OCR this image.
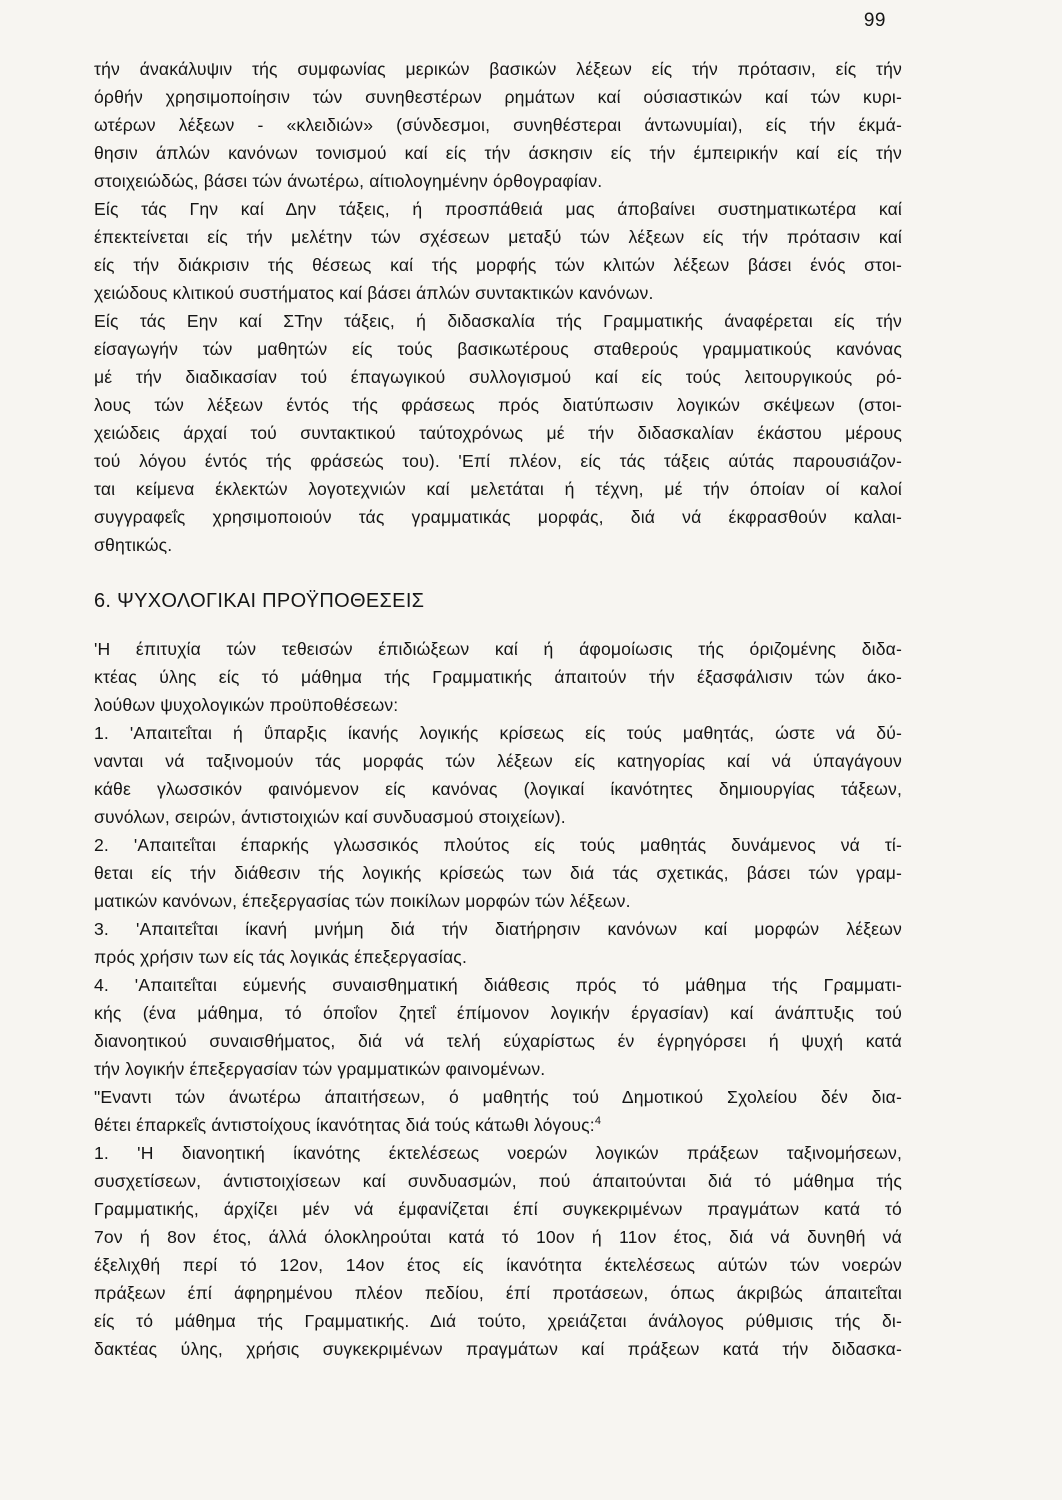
99
τήν άνακάλυψιν τής συμφωνίας μερικών βασικών λέξεων είς τήν πρότασιν, είς τήν
όρθήν χρησιμοποίησιν τών συνηθεστέρων ρημάτων καί ούσιαστικών καί τών κυρι-
ωτέρων λέξεων - «κλειδιών» (σύνδεσμοι, συνηθέστεραι άντωνυμίαι), είς τήν έκμά-
θησιν άπλών κανόνων τονισμού καί είς τήν άσκησιν είς τήν έμπειρικήν καί είς τήν
στοιχειώδώς, βάσει τών άνωτέρω, αίτιολογημένην όρθογραφίαν.
Είς τάς Γην καί Δην τάξεις, ή προσπάθειά μας άποβαίνει συστηματικωτέρα καί
έπεκτείνεται είς τήν μελέτην τών σχέσεων μεταξύ τών λέξεων είς τήν πρότασιν καί
είς τήν διάκρισιν τής θέσεως καί τής μορφής τών κλιτών λέξεων βάσει ένός στοι-
χειώδους κλιτικού συστήματος καί βάσει άπλών συντακτικών κανόνων.
Είς τάς Εην καί ΣΤην τάξεις, ή διδασκαλία τής Γραμματικής άναφέρεται είς τήν
είσαγωγήν τών μαθητών είς τούς βασικωτέρους σταθερούς γραμματικούς κανόνας
μέ τήν διαδικασίαν τού έπαγωγικού συλλογισμού καί είς τούς λειτουργικούς ρό-
λους τών λέξεων έντός τής φράσεως πρός διατύπωσιν λογικών σκέψεων (στοι-
χειώδεις άρχαί τού συντακτικού ταύτοχρόνως μέ τήν διδασκαλίαν έκάστου μέρους
τού λόγου έντός τής φράσεώς του). 'Επί πλέον, είς τάς τάξεις αύτάς παρουσιάζον-
ται κείμενα έκλεκτών λογοτεχνιών καί μελετάται ή τέχνη, μέ τήν όποίαν οί καλοί
συγγραφεΐς χρησιμοποιούν τάς γραμματικάς μορφάς, διά νά έκφρασθούν καλαι-
σθητικώς.
6. ΨΥΧΟΛΟΓΙΚΑΙ ΠΡΟΫΠΟΘΕΣΕΙΣ
'Η έπιτυχία τών τεθεισών έπιδιώξεων καί ή άφομοίωσις τής όριζομένης διδα-
κτέας ύλης είς τό μάθημα τής Γραμματικής άπαιτούν τήν έξασφάλισιν τών άκο-
λούθων ψυχολογικών προϋποθέσεων:
1. 'Απαιτεΐται ή ΰπαρξις ίκανής λογικής κρίσεως είς τούς μαθητάς, ώστε νά δύ-
νανται νά ταξινομούν τάς μορφάς τών λέξεων είς κατηγορίας καί νά ύπαγάγουν
κάθε γλωσσικόν φαινόμενον είς κανόνας (λογικαί ίκανότητες δημιουργίας τάξεων,
συνόλων, σειρών, άντιστοιχιών καί συνδυασμού στοιχείων).
2. 'Απαιτεΐται έπαρκής γλωσσικός πλούτος είς τούς μαθητάς δυνάμενος νά τί-
θεται είς τήν διάθεσιν τής λογικής κρίσεώς των διά τάς σχετικάς, βάσει τών γραμ-
ματικών κανόνων, έπεξεργασίας τών ποικίλων μορφών τών λέξεων.
3. 'Απαιτεΐται ίκανή μνήμη διά τήν διατήρησιν κανόνων καί μορφών λέξεων
πρός χρήσιν των είς τάς λογικάς έπεξεργασίας.
4. 'Απαιτεΐται εύμενής συναισθηματική διάθεσις πρός τό μάθημα τής Γραμματι-
κής (ένα μάθημα, τό όποΐον ζητεΐ έπίμονον λογικήν έργασίαν) καί άνάπτυξις τού
διανοητικού συναισθήματος, διά νά τελή εύχαρίστως έν έγρηγόρσει ή ψυχή κατά
τήν λογικήν έπεξεργασίαν τών γραμματικών φαινομένων.
"Εναντι τών άνωτέρω άπαιτήσεων, ό μαθητής τού Δημοτικού Σχολείου δέν δια-
θέτει έπαρκεΐς άντιστοίχους ίκανότητας διά τούς κάτωθι λόγους:$^4$
1. 'Η διανοητική ίκανότης έκτελέσεως νοερών λογικών πράξεων ταξινομήσεων,
συσχετίσεων, άντιστοιχίσεων καί συνδυασμών, πού άπαιτούνται διά τό μάθημα τής
Γραμματικής, άρχίζει μέν νά έμφανίζεται έπί συγκεκριμένων πραγμάτων κατά τό
7ον ή 8ον έτος, άλλά όλοκληρούται κατά τό 10ον ή 11ον έτος, διά νά δυνηθή νά
έξελιχθή περί τό 12ον, 14ον έτος είς ίκανότητα έκτελέσεως αύτών τών νοερών
πράξεων έπί άφηρημένου πλέον πεδίου, έπί προτάσεων, όπως άκριβώς άπαιτεΐται
είς τό μάθημα τής Γραμματικής. Διά τούτο, χρειάζεται άνάλογος ρύθμισις τής δι-
δακτέας ύλης, χρήσις συγκεκριμένων πραγμάτων καί πράξεων κατά τήν διδασκα-
